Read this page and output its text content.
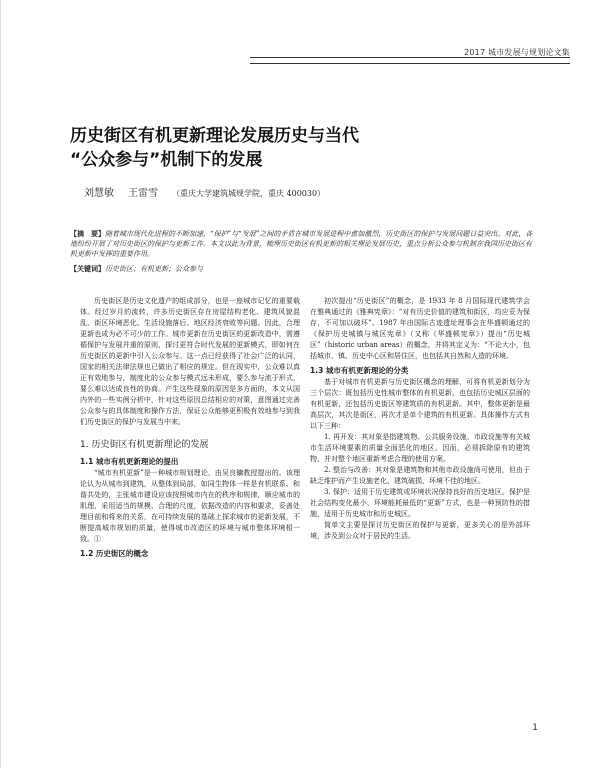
2017 城市发展与规划论文集
历史街区有机更新理论发展历史与当代
“公众参与”机制下的发展
刘慧敏 王雷雪 （重庆大学建筑城规学院，重庆 400030）
【摘　要】随着城市现代化进程的不断加速，“保护”与“发展”之间的矛盾在城市发展进程中愈加激烈，历史街区的保护与发展问题日益突出。对此，各地纷纷开展了对历史街区的保护与更新工作。本文以此为背景，梳理历史街区有机更新的相关理论发展历史，重点分析公众参与机制在我国历史街区有机更新中发挥的重要作用。
【关键词】历史街区；有机更新；公众参与

历史街区是历史文化遗产的组成部分，也是一座城市记忆的重要载体。经过岁月的流转，许多历史街区存在房屋结构老化、建筑风貌混乱、街区环境恶化、生活设施落后、地区经济衰败等问题。因此，合理更新也成为必不可少的工作。城市更新在历史街区的更新改造中，需遵循保护与发展并重的原则，探讨更符合时代发展的更新模式，即如何在历史街区的更新中引入公众参与。这一点已经获得了社会广泛的认同，国家的相关法律法规也已做出了相应的规定。但在现实中，公众难以真正有效地参与，制度化的公众参与模式远未形成，要么参与流于形式，要么难以达成良性的协商。产生这些现象的原因是多方面的，本文从国内外的一些实例分析中，针对这些原因总结相应的对策，意图通过完善公众参与的具体制度和操作方法，保证公众能够更积极有效地参与到我们历史街区的保护与发展当中来。

1. 历史街区有机更新理论的发展
1.1 城市有机更新理论的提出

“城市有机更新”是一种城市规划理论，由吴良镛教授提出的。该理论认为从城市到建筑，从整体到局部，如同生物体一样是有机联系、和谐共处的，主张城市建设应该按照城市内在的秩序和规律，顺应城市的肌理，采用适当的规模、合理的尺度，依据改造的内容和要求，妥善处理目前和将来的关系，在可持续发展的基础上探求城市的更新发展，不断提高城市规划的质量，使得城市改造区的环境与城市整体环境相一致。①

1.2 历史街区的概念

初次提出“历史街区”的概念，是 1933 年 8 月国际现代建筑学会在雅典通过的《雅典宪章》：“对有历史价值的建筑和街区，均应妥为保存，不可加以破坏”。1987 年由国际古迹遗址理事会在华盛顿通过的《保护历史城镇与城区宪章》（又称《华盛顿宪章》）提出“历史城区”（historic urban areas）的概念，并将其定义为：“不论大小，包括城市、镇、历史中心区和居住区，也包括其自然和人造的环境。

1.3 城市有机更新理论的分类

基于对城市有机更新与历史街区概念的理解，可将有机更新划分为三个层次：既包括历史性城市整体的有机更新，也包括历史城区层面的有机更新，还包括历史街区等建筑质的有机更新。其中，整体更新是最高层次，其次是街区，再次才是单个建筑的有机更新。具体操作方式有以下三种：

1. 再开发：其对象是指建筑物、公共服务设施、市政设施等有关城市生活环境要素的质量全面恶化的地区。因而，必须拆除原有的建筑物，并对整个地区重新考虑合理的使用方案。

2. 整治与改善：其对象是建筑物和其他市政设施尚可使用，但由于缺乏维护而产生设施老化、建筑破损、环境不佳的地区。

3. 保护：适用于历史建筑或环境状况保持良好的历史地区。保护是社会结构变化最小、环境能耗最低的“更新”方式，也是一种预防性的措施，适用于历史城市和历史城区。

简单文主要是探讨历史街区的保护与更新，更多关心的是外部环境，涉及到公众对于居民的生活。

1
